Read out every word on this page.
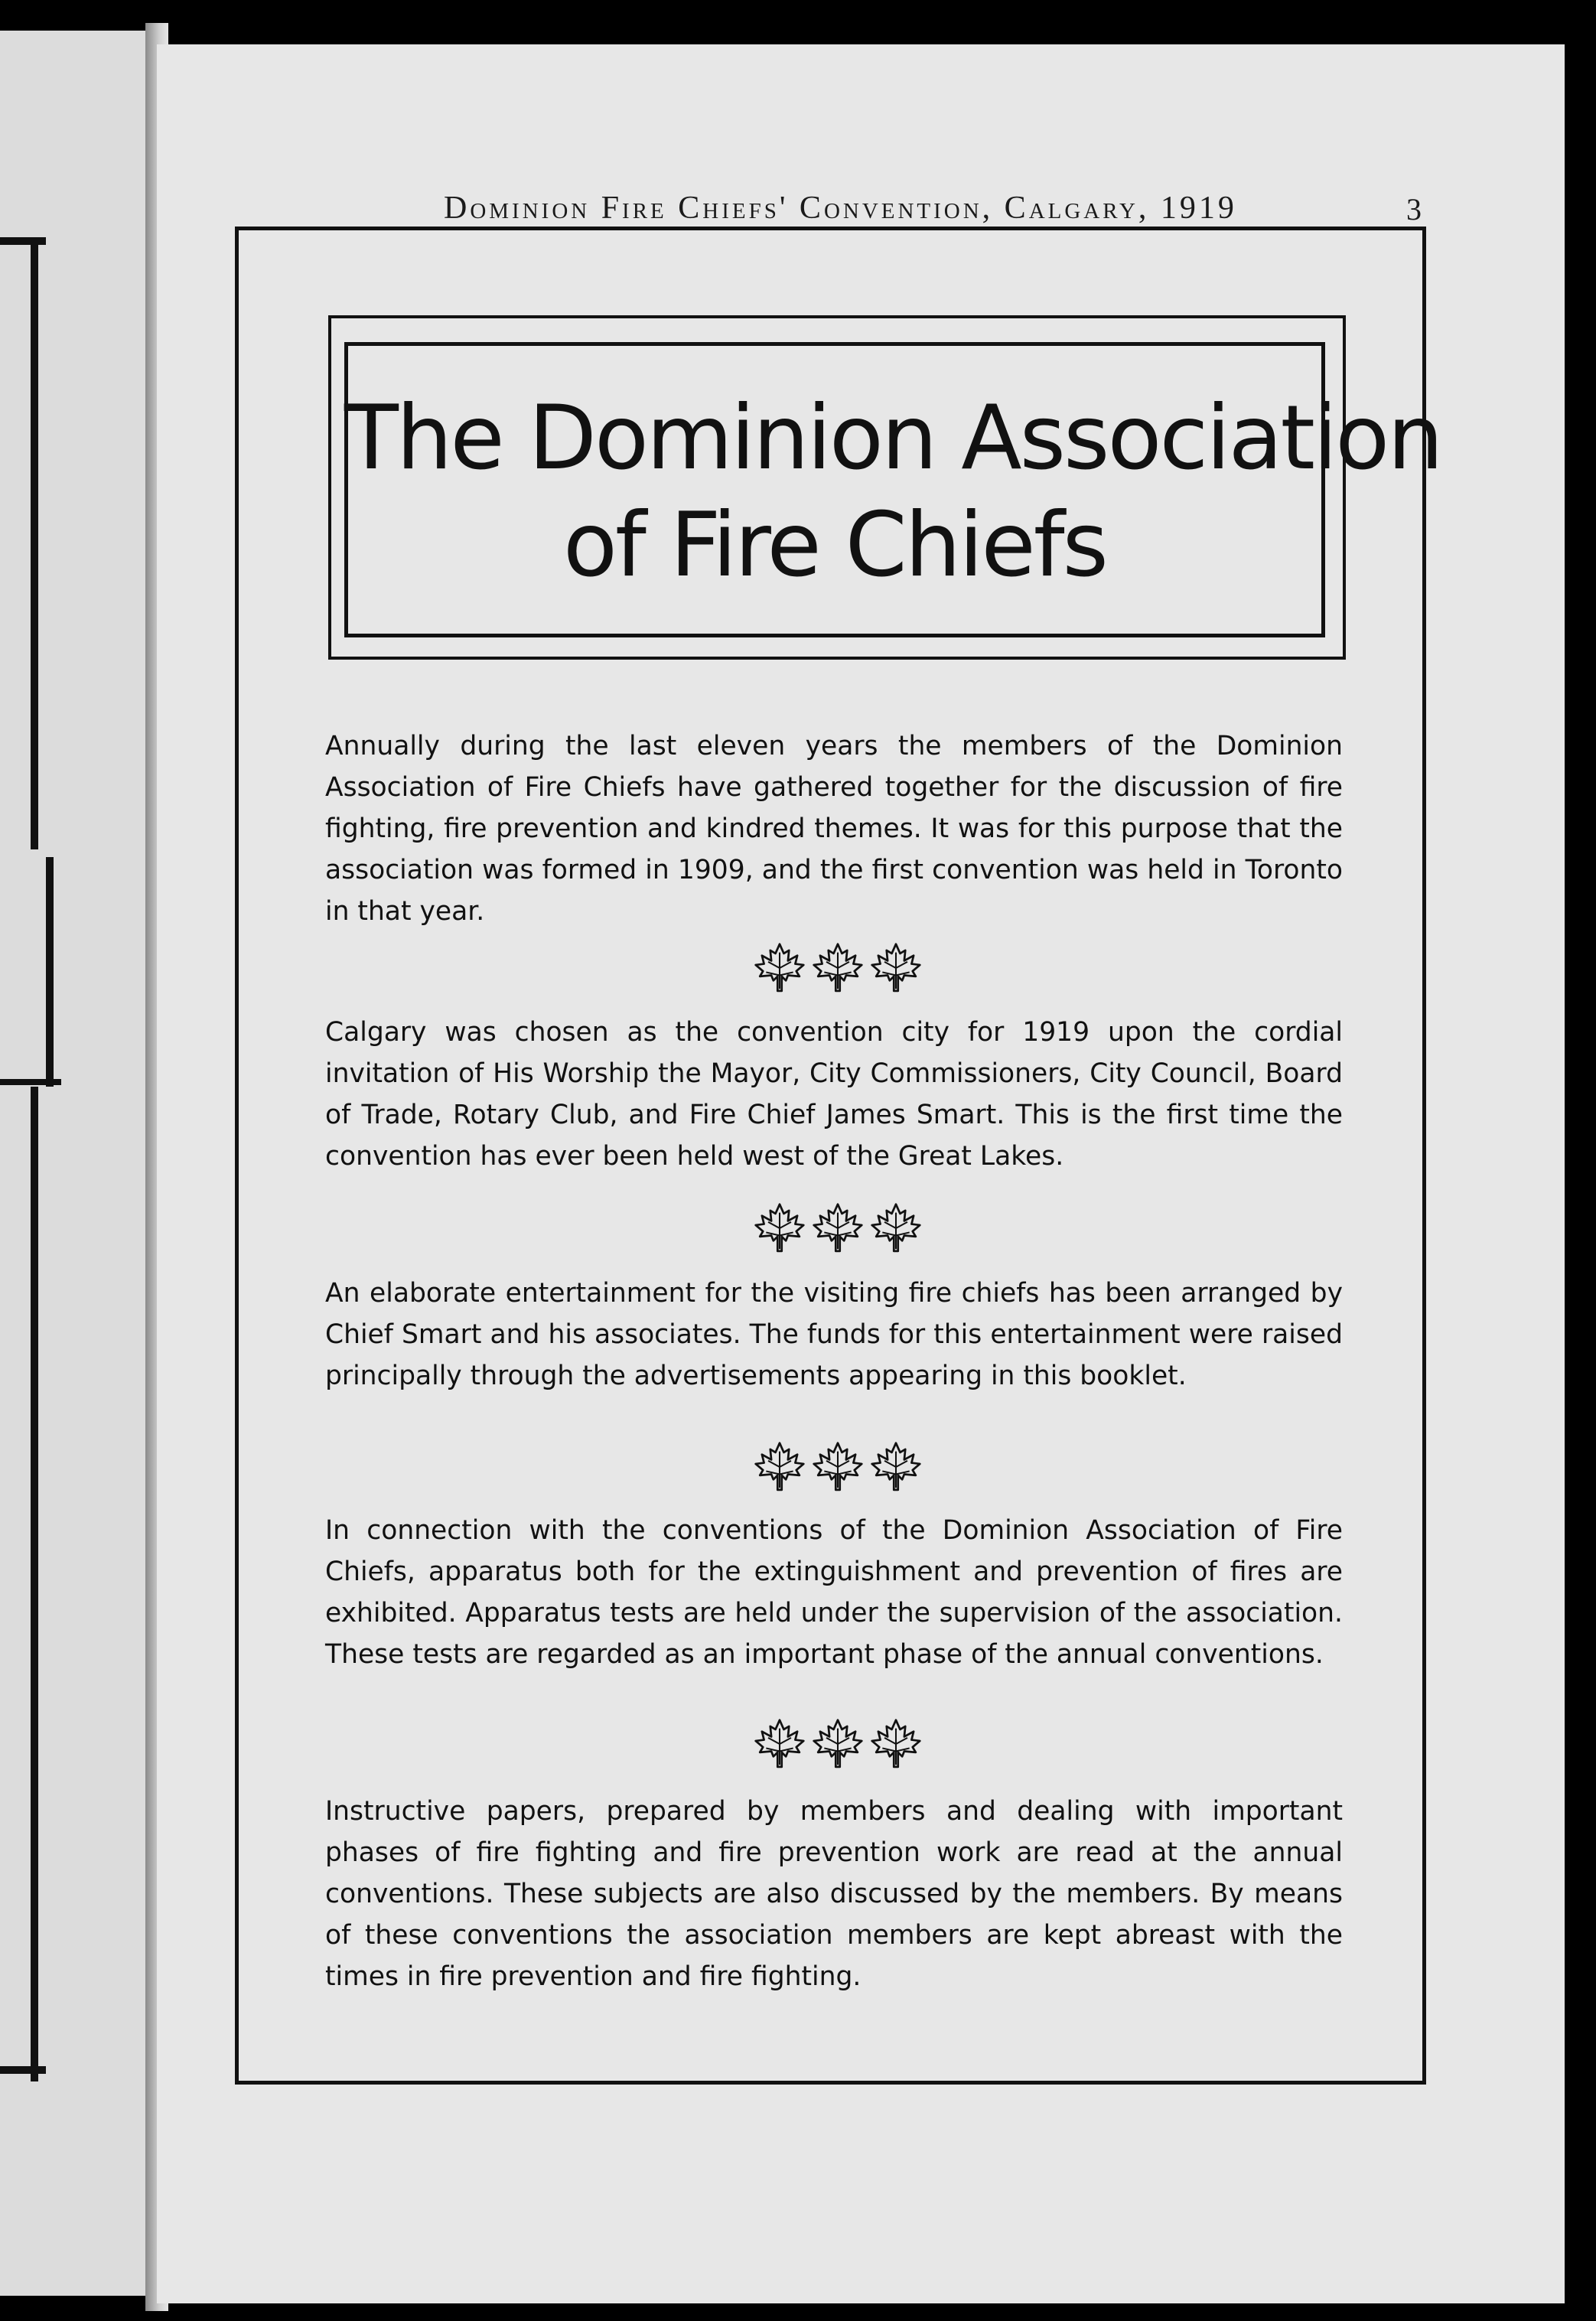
Dominion Fire Chiefs' Convention, Calgary, 1919	3
The Dominion Association
of Fire Chiefs

Annually during the last eleven years the members of the Dominion Association of Fire Chiefs have gathered together for the discussion of fire fighting, fire prevention and kindred themes. It was for this purpose that the association was formed in 1909, and the first convention was held in Toronto in that year.

Calgary was chosen as the convention city for 1919 upon the cordial invitation of His Worship the Mayor, City Commissioners, City Council, Board of Trade, Rotary Club, and Fire Chief James Smart. This is the first time the convention has ever been held west of the Great Lakes.

An elaborate entertainment for the visiting fire chiefs has been arranged by Chief Smart and his associates. The funds for this entertainment were raised principally through the advertisements appearing in this booklet.

In connection with the conventions of the Dominion Association of Fire Chiefs, apparatus both for the extinguishment and prevention of fires are exhibited. Apparatus tests are held under the supervision of the association. These tests are regarded as an important phase of the annual conventions.

Instructive papers, prepared by members and dealing with important phases of fire fighting and fire prevention work are read at the annual conventions. These subjects are also discussed by the members. By means of these conventions the association members are kept abreast with the times in fire prevention and fire fighting.
